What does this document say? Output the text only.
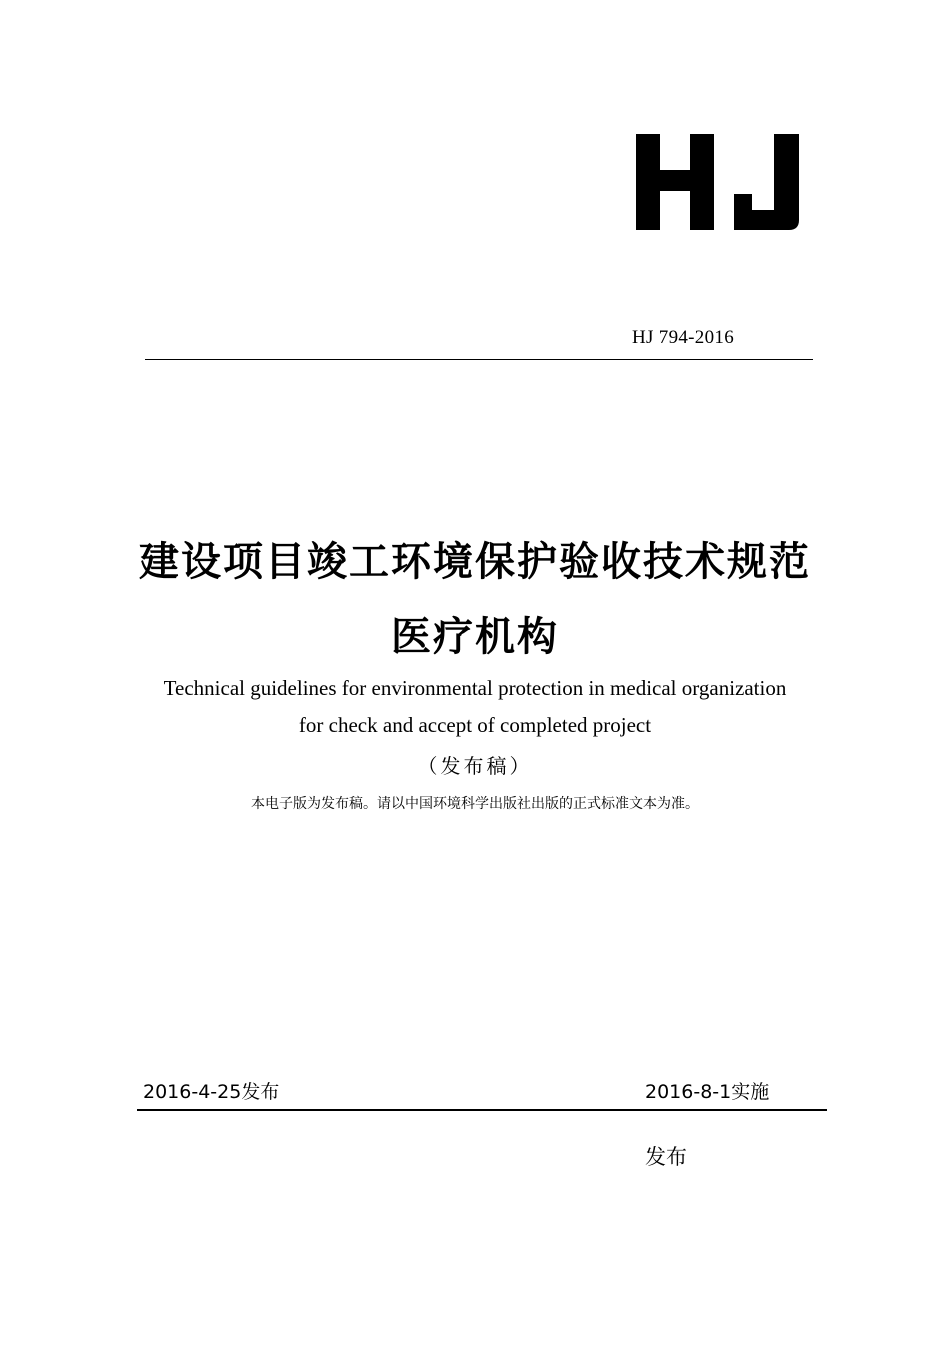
HJ 794-2016
建设项目竣工环境保护验收技术规范
医疗机构
Technical guidelines for environmental protection in medical organization
for check and accept of completed project
（发布稿）
本电子版为发布稿。请以中国环境科学出版社出版的正式标准文本为准。
2016-4-25发布	2016-8-1实施
发布
